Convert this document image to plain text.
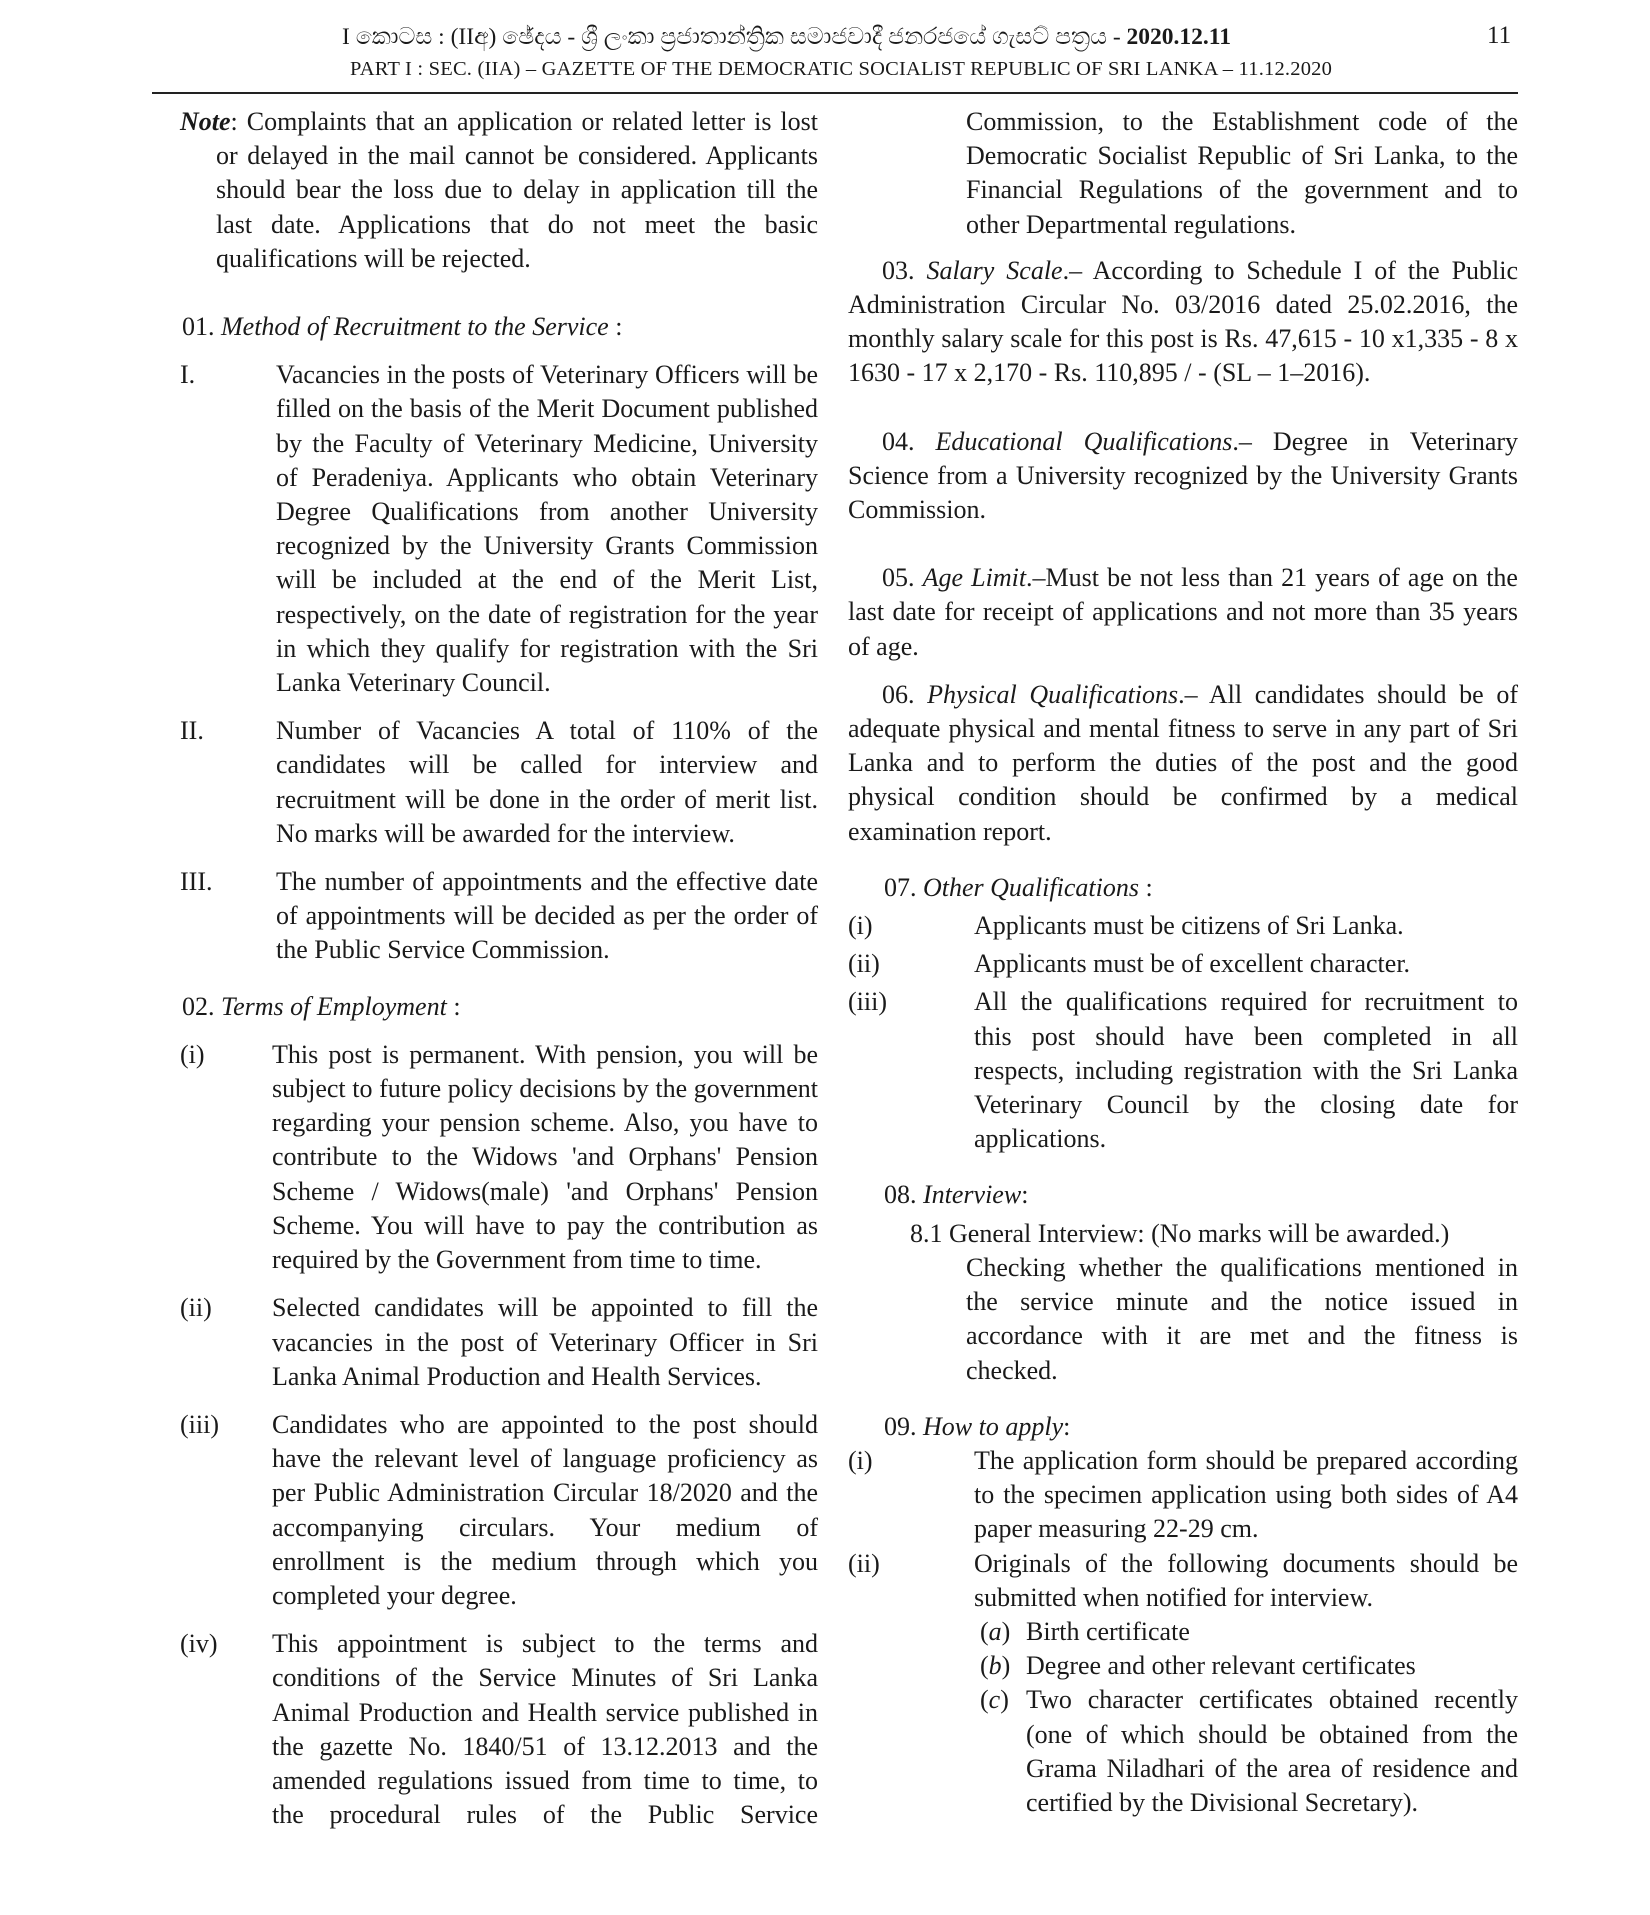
I කොටස : (IIඅ) ඡේදය - ශ්‍රී ලංකා ප්‍රජාතාන්ත්‍රික සමාජවාදී ජනරජයේ ගැසට් පත්‍රය - 2020.12.11	11
PART I : SEC. (IIA) – GAZETTE OF THE DEMOCRATIC SOCIALIST REPUBLIC OF SRI LANKA – 11.12.2020
Note: Complaints that an application or related letter is lost or delayed in the mail cannot be considered. Applicants should bear the loss due to delay in application till the last date. Applications that do not meet the basic qualifications will be rejected.
01. Method of Recruitment to the Service :
I.	Vacancies in the posts of Veterinary Officers will be filled on the basis of the Merit Document published by the Faculty of Veterinary Medicine, University of Peradeniya. Applicants who obtain Veterinary Degree Qualifications from another University recognized by the University Grants Commission will be included at the end of the Merit List, respectively, on the date of registration for the year in which they qualify for registration with the Sri Lanka Veterinary Council.

II.	Number of Vacancies A total of 110% of the candidates will be called for interview and recruitment will be done in the order of merit list. No marks will be awarded for the interview.

III.	The number of appointments and the effective date of appointments will be decided as per the order of the Public Service Commission.

02. Terms of Employment :
(i)	This post is permanent. With pension, you will be subject to future policy decisions by the government regarding your pension scheme. Also, you have to contribute to the Widows 'and Orphans' Pension Scheme / Widows(male) 'and Orphans' Pension Scheme. You will have to pay the contribution as required by the Government from time to time.

(ii)	Selected candidates will be appointed to fill the vacancies in the post of Veterinary Officer in Sri Lanka Animal Production and Health Services.

(iii)	Candidates who are appointed to the post should have the relevant level of language proficiency as per Public Administration Circular 18/2020 and the accompanying circulars. Your medium of enrollment is the medium through which you completed your degree.

(iv)	This appointment is subject to the terms and conditions of the Service Minutes of Sri Lanka Animal Production and Health service published in the gazette No. 1840/51 of 13.12.2013 and the amended regulations issued from time to time, to the procedural rules of the Public Service

Commission, to the Establishment code of the Democratic Socialist Republic of Sri Lanka, to the Financial Regulations of the government and to other Departmental regulations.

03. Salary Scale.– According to Schedule I of the Public Administration Circular No. 03/2016 dated 25.02.2016, the monthly salary scale for this post is Rs. 47,615 - 10 x1,335 - 8 x 1630 - 17 x 2,170 - Rs. 110,895 / - (SL – 1–2016).
04. Educational Qualifications.– Degree in Veterinary Science from a University recognized by the University Grants Commission.
05. Age Limit.–Must be not less than 21 years of age on the last date for receipt of applications and not more than 35 years of age.
06. Physical Qualifications.– All candidates should be of adequate physical and mental fitness to serve in any part of Sri Lanka and to perform the duties of the post and the good physical condition should be confirmed by a medical examination report.
07. Other Qualifications :
(i)	Applicants must be citizens of Sri Lanka.

(ii)	Applicants must be of excellent character.

(iii)	All the qualifications required for recruitment to this post should have been completed in all respects, including registration with the Sri Lanka Veterinary Council by the closing date for applications.

08. Interview:
8.1 General Interview: (No marks will be awarded.)

Checking whether the qualifications mentioned in the service minute and the notice issued in accordance with it are met and the fitness is checked.

09. How to apply:
(i)	The application form should be prepared according to the specimen application using both sides of A4 paper measuring 22-29 cm.

(ii)	Originals of the following documents should be submitted when notified for interview.

(a) Birth certificate

(b) Degree and other relevant certificates

(c) Two character certificates obtained recently (one of which should be obtained from the Grama Niladhari of the area of residence and certified by the Divisional Secretary).
